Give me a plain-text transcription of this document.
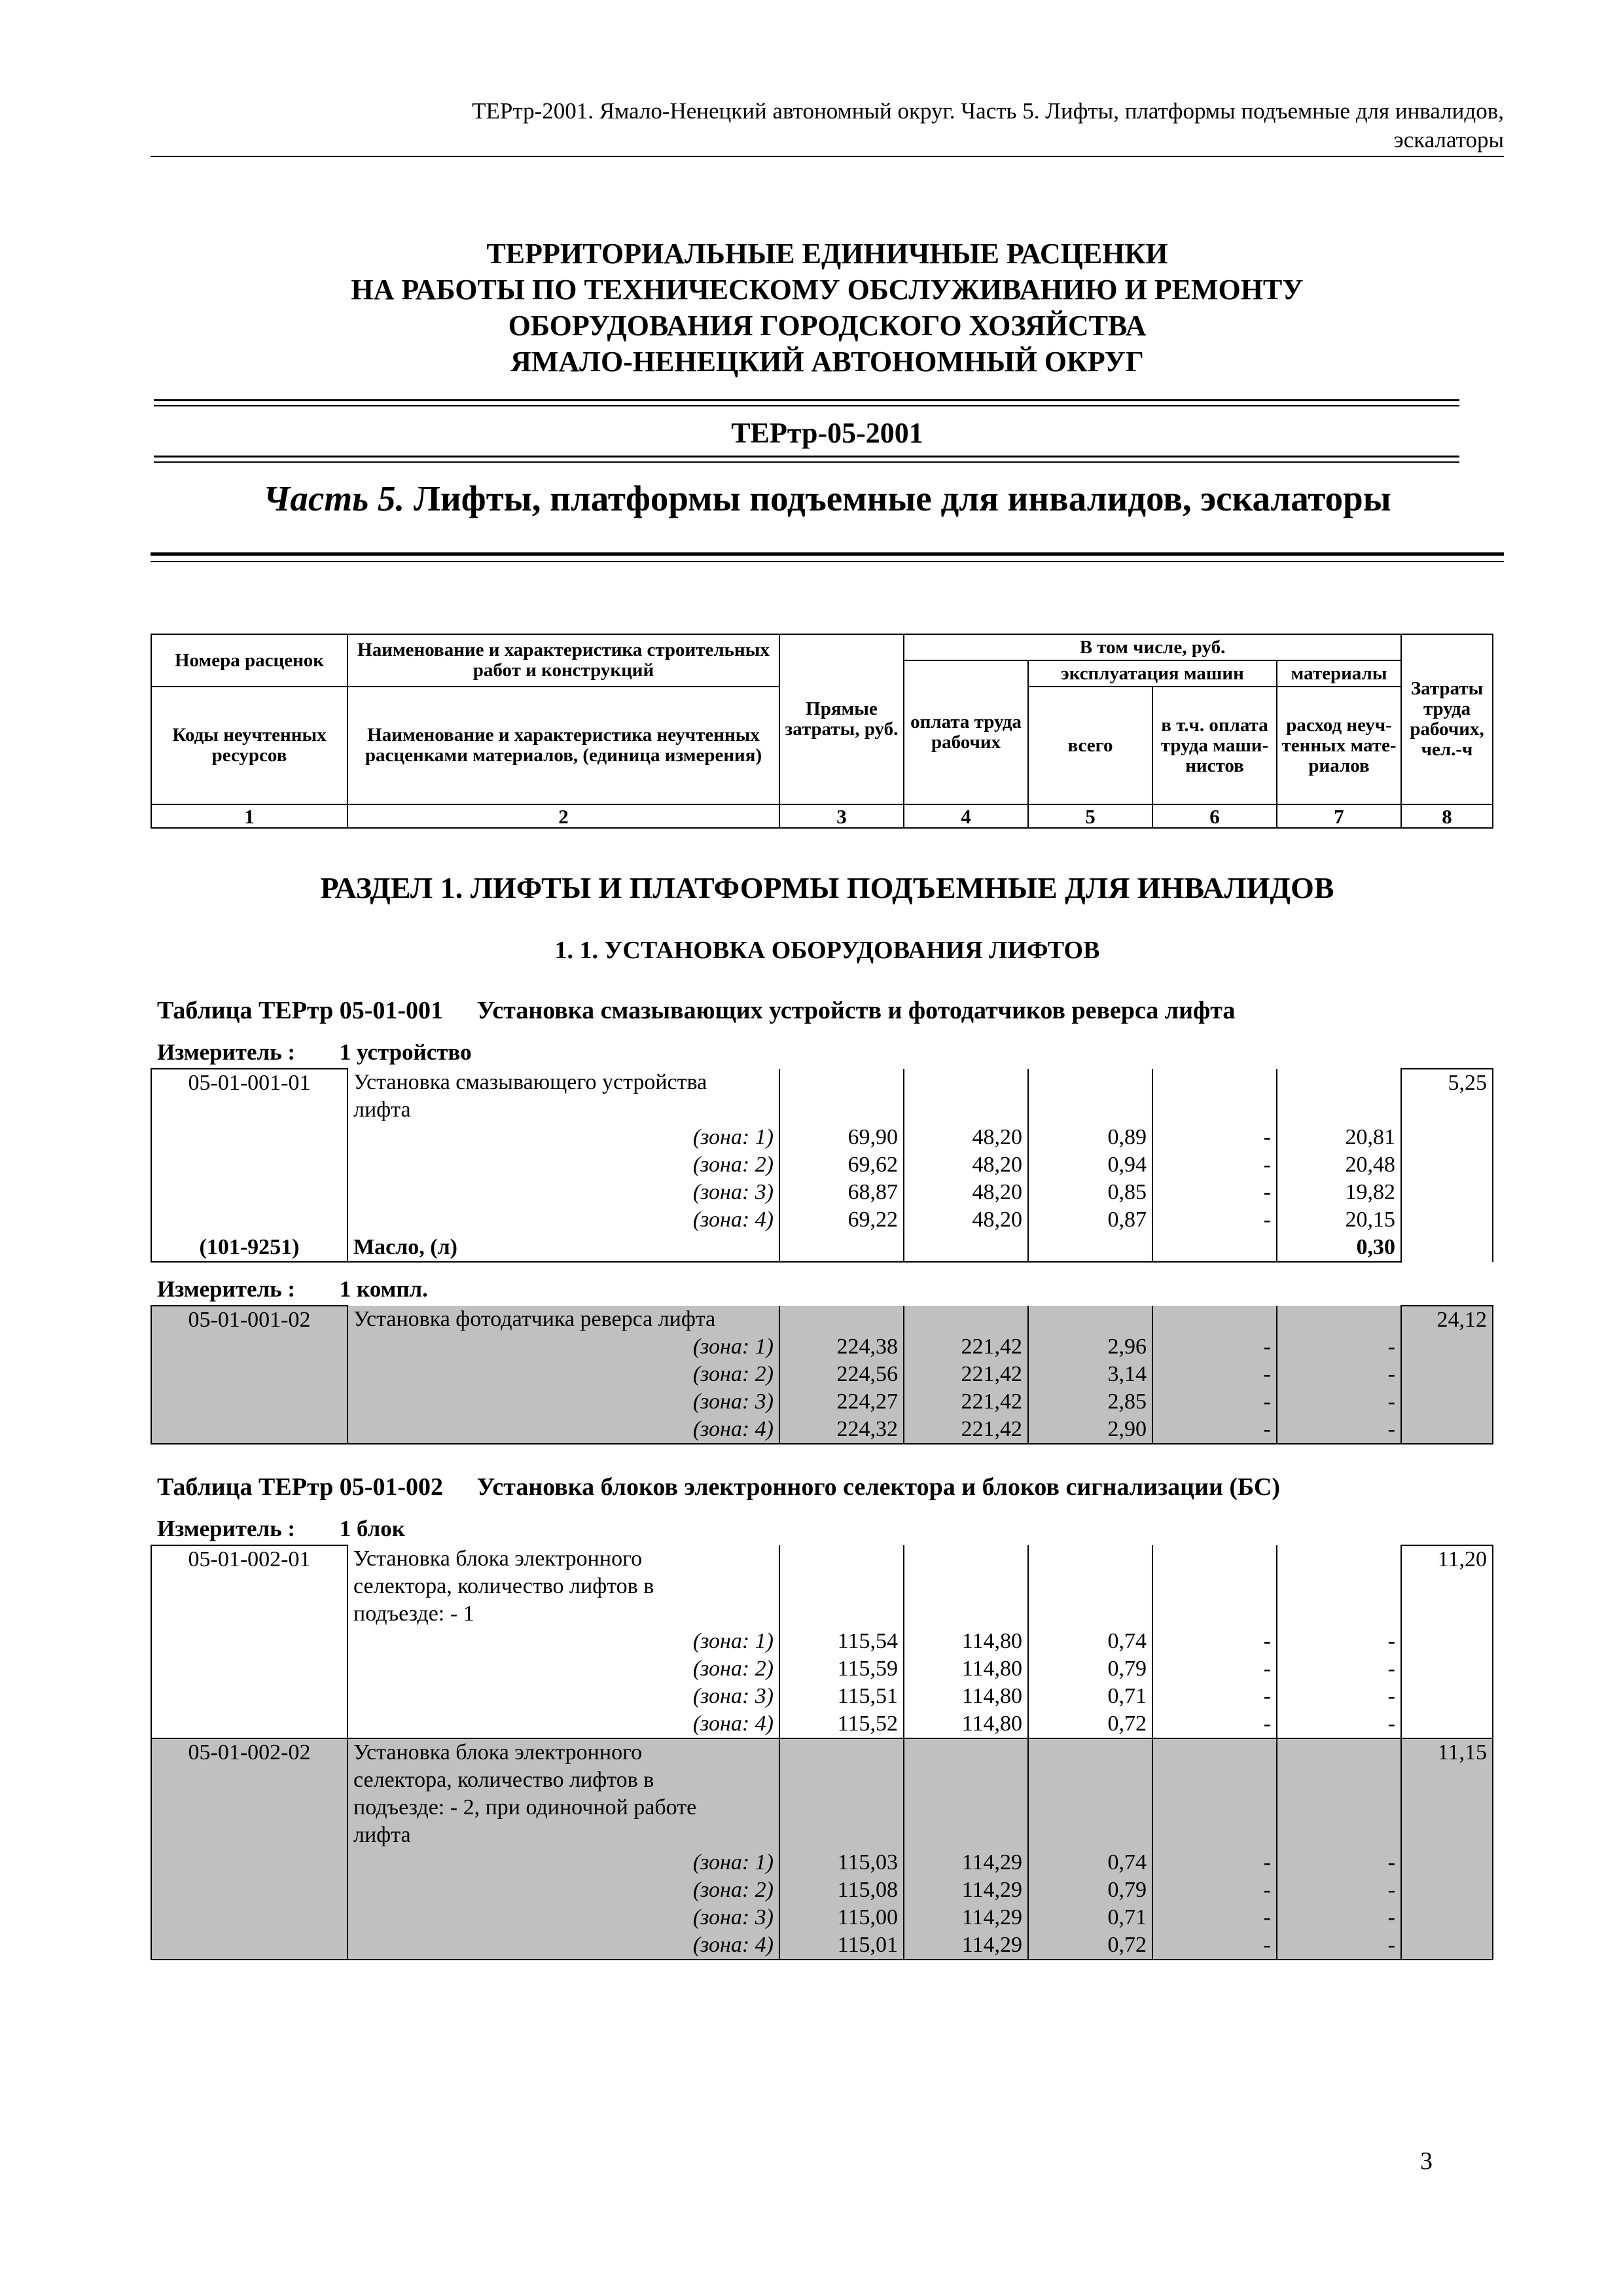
ТЕРтр-2001. Ямало-Ненецкий автономный округ. Часть 5. Лифты, платформы подъемные для инвалидов,
эскалаторы
ТЕРРИТОРИАЛЬНЫЕ ЕДИНИЧНЫЕ РАСЦЕНКИ
НА РАБОТЫ ПО ТЕХНИЧЕСКОМУ ОБСЛУЖИВАНИЮ И РЕМОНТУ
ОБОРУДОВАНИЯ ГОРОДСКОГО ХОЗЯЙСТВА
ЯМАЛО-НЕНЕЦКИЙ АВТОНОМНЫЙ ОКРУГ
ТЕРтр-05-2001
Часть 5. Лифты, платформы подъемные для инвалидов, эскалаторы
Номера расценок	Наименование и характеристика строительных работ и конструкций	Прямые затраты, руб.	В том числе, руб.				Затраты труда рабочих, чел.-ч
			оплата труда рабочих	эксплуатация машин		материалы	
Коды неучтенных ресурсов	Наименование и характеристика неучтенных расценками материалов, (единица измерения)			всего	в т.ч. оплата труда маши-нистов	расход неуч-тенных мате-риалов	

1	2	3	4	5	6	7	8
РАЗДЕЛ 1. ЛИФТЫ И ПЛАТФОРМЫ ПОДЪЕМНЫЕ ДЛЯ ИНВАЛИДОВ
1. 1. УСТАНОВКА ОБОРУДОВАНИЯ ЛИФТОВ
Таблица ТЕРтр 05-01-001 Установка смазывающих устройств и фотодатчиков реверса лифта
Измеритель : 1 устройство
05-01-001-01	Установка смазывающего устройства						5,25
	лифта						
	(зона: 1)	69,90	48,20	0,89	-	20,81	
	(зона: 2)	69,62	48,20	0,94	-	20,48	
	(зона: 3)	68,87	48,20	0,85	-	19,82	
	(зона: 4)	69,22	48,20	0,87	-	20,15	
(101-9251)	Масло, (л)					0,30	
Измеритель : 1 компл.
05-01-001-02	Установка фотодатчика реверса лифта						24,12
	(зона: 1)	224,38	221,42	2,96	-	-	
	(зона: 2)	224,56	221,42	3,14	-	-	
	(зона: 3)	224,27	221,42	2,85	-	-	
	(зона: 4)	224,32	221,42	2,90	-	-	
Таблица ТЕРтр 05-01-002 Установка блоков электронного селектора и блоков сигнализации (БС)
Измеритель : 1 блок
05-01-002-01	Установка блока электронного						11,20
	селектора, количество лифтов в						
	подъезде: - 1						
	(зона: 1)	115,54	114,80	0,74	-	-	
	(зона: 2)	115,59	114,80	0,79	-	-	
	(зона: 3)	115,51	114,80	0,71	-	-	
	(зона: 4)	115,52	114,80	0,72	-	-	
05-01-002-02	Установка блока электронного						11,15
	селектора, количество лифтов в						
	подъезде: - 2, при одиночной работе						
	лифта						
	(зона: 1)	115,03	114,29	0,74	-	-	
	(зона: 2)	115,08	114,29	0,79	-	-	
	(зона: 3)	115,00	114,29	0,71	-	-	
	(зона: 4)	115,01	114,29	0,72	-	-	
3
